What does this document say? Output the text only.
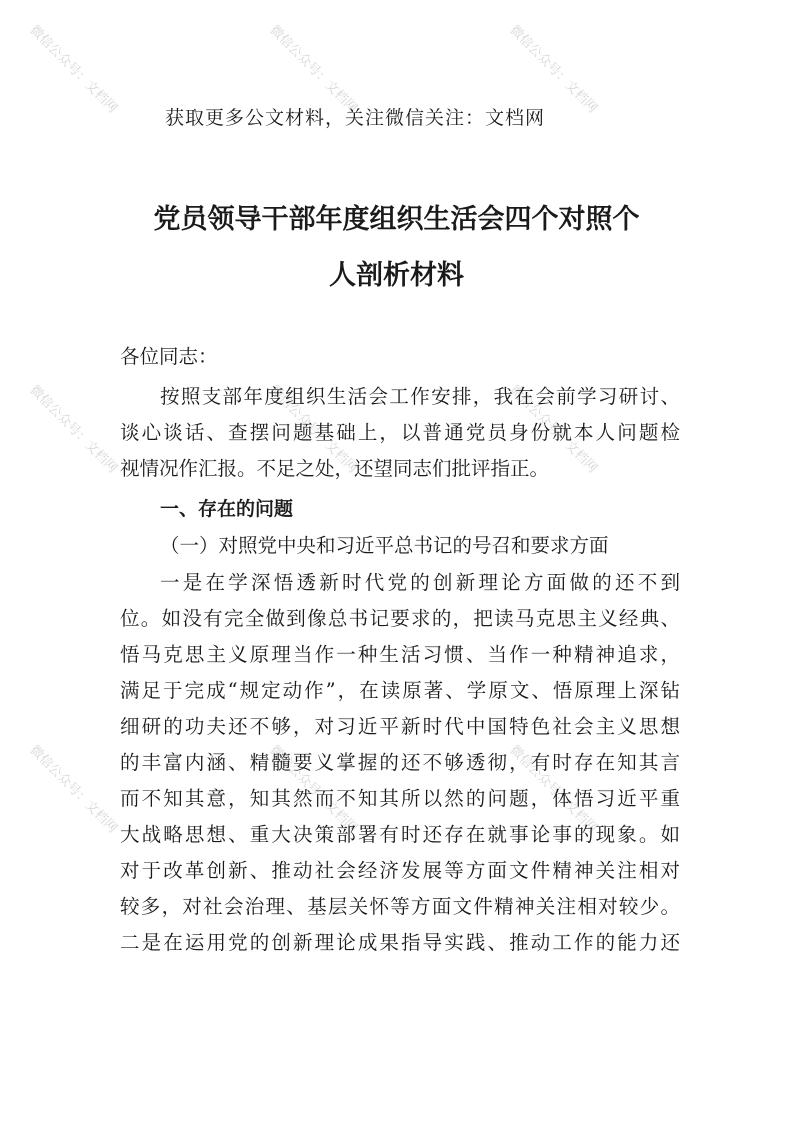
微信公众号：文档网	微信公众号：文档网	微信公众号：文档网
微信公众号：文档网	微信公众号：文档网	微信公众号：文档网
微信公众号：文档网	微信公众号：文档网	微信公众号：文档网
获取更多公文材料，关注微信关注：文档网
党员领导干部年度组织生活会四个对照个
人剖析材料
各位同志：
按照支部年度组织生活会工作安排，我在会前学习研讨、
谈心谈话、查摆问题基础上，以普通党员身份就本人问题检
视情况作汇报。不足之处，还望同志们批评指正。
一、存在的问题
（一）对照党中央和习近平总书记的号召和要求方面
一是在学深悟透新时代党的创新理论方面做的还不到
位。如没有完全做到像总书记要求的，把读马克思主义经典、
悟马克思主义原理当作一种生活习惯、当作一种精神追求，
满足于完成“规定动作”，在读原著、学原文、悟原理上深钻
细研的功夫还不够，对习近平新时代中国特色社会主义思想
的丰富内涵、精髓要义掌握的还不够透彻，有时存在知其言
而不知其意，知其然而不知其所以然的问题，体悟习近平重
大战略思想、重大决策部署有时还存在就事论事的现象。如
对于改革创新、推动社会经济发展等方面文件精神关注相对
较多，对社会治理、基层关怀等方面文件精神关注相对较少。
二是在运用党的创新理论成果指导实践、推动工作的能力还
